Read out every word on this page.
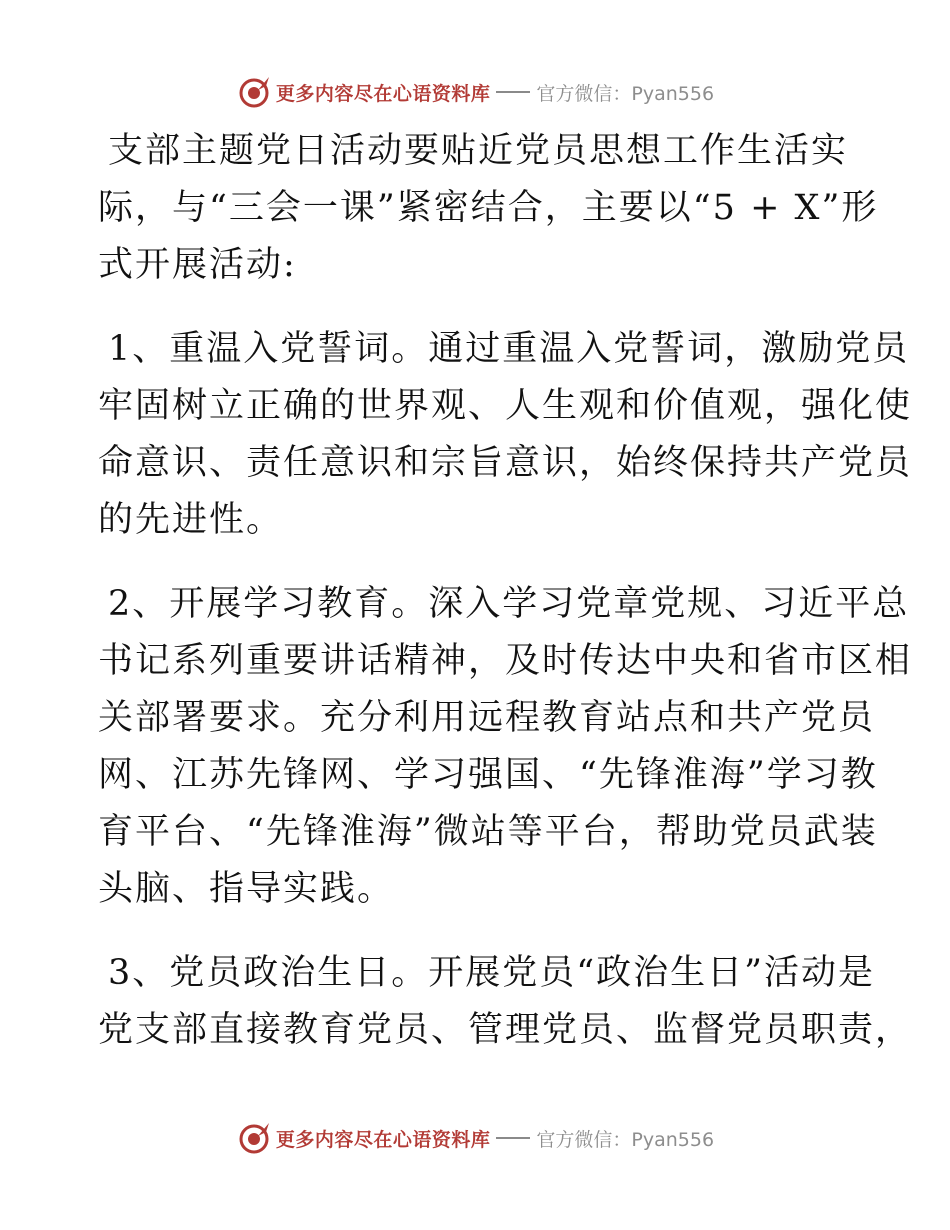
更多内容尽在心语资料库 官方微信：Pyan556
支部主题党日活动要贴近党员思想工作生活实
际，与“三会一课”紧密结合，主要以“5 + X”形
式开展活动:
1、重温入党誓词。通过重温入党誓词，激励党员
牢固树立正确的世界观、人生观和价值观，强化使
命意识、责任意识和宗旨意识，始终保持共产党员
的先进性。
2、开展学习教育。深入学习党章党规、习近平总
书记系列重要讲话精神，及时传达中央和省市区相
关部署要求。充分利用远程教育站点和共产党员
网、江苏先锋网、学习强国、“先锋淮海”学习教
育平台、“先锋淮海”微站等平台，帮助党员武装
头脑、指导实践。
3、党员政治生日。开展党员“政治生日”活动是
党支部直接教育党员、管理党员、监督党员职责，
更多内容尽在心语资料库 官方微信：Pyan556
